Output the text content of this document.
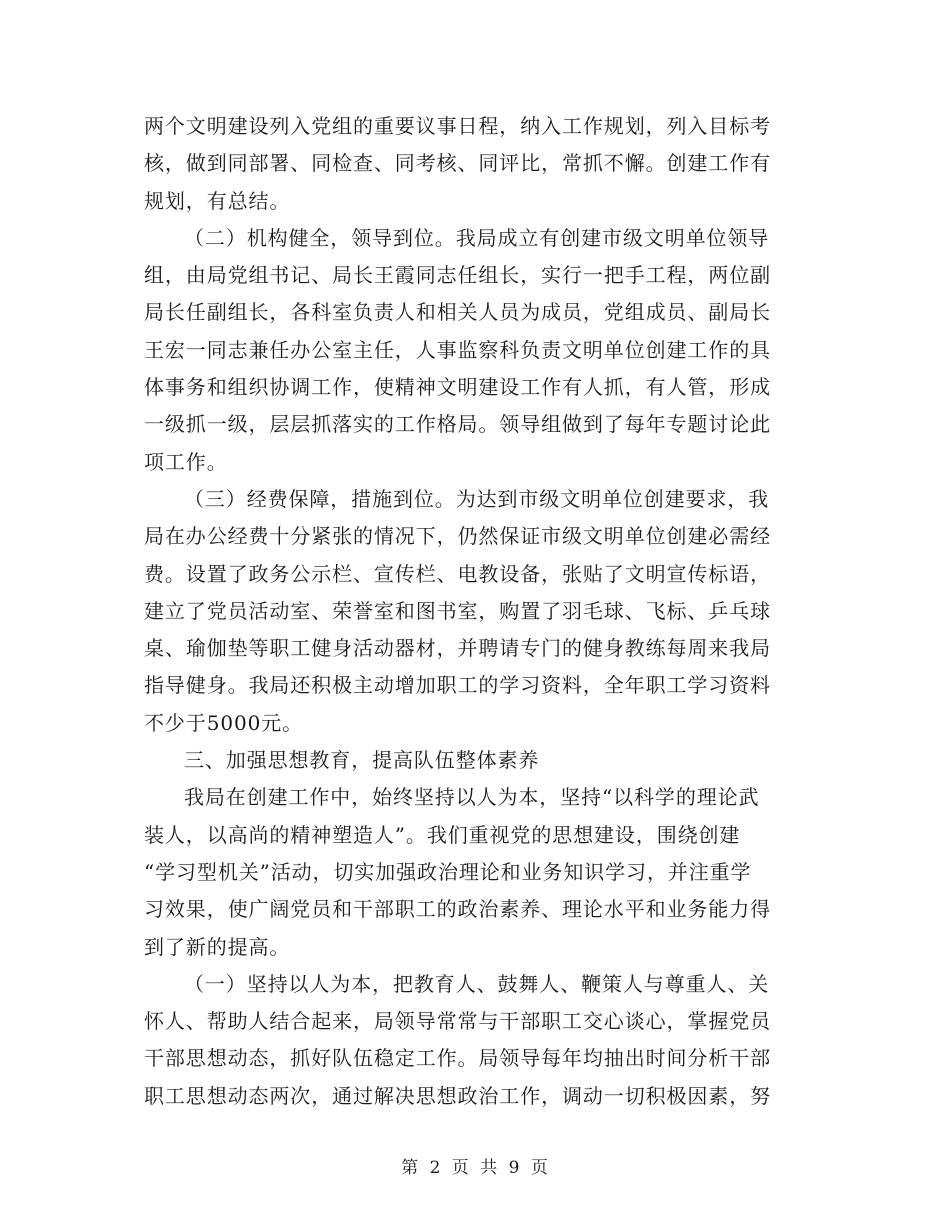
两个文明建设列入党组的重要议事日程，纳入工作规划，列入目标考
核，做到同部署、同检查、同考核、同评比，常抓不懈。创建工作有
规划，有总结。
（二）机构健全，领导到位。我局成立有创建市级文明单位领导
组，由局党组书记、局长王霞同志任组长，实行一把手工程，两位副
局长任副组长，各科室负责人和相关人员为成员，党组成员、副局长
王宏一同志兼任办公室主任，人事监察科负责文明单位创建工作的具
体事务和组织协调工作，使精神文明建设工作有人抓，有人管，形成
一级抓一级，层层抓落实的工作格局。领导组做到了每年专题讨论此
项工作。
（三）经费保障，措施到位。为达到市级文明单位创建要求，我
局在办公经费十分紧张的情况下，仍然保证市级文明单位创建必需经
费。设置了政务公示栏、宣传栏、电教设备，张贴了文明宣传标语，
建立了党员活动室、荣誉室和图书室，购置了羽毛球、飞标、乒乓球
桌、瑜伽垫等职工健身活动器材，并聘请专门的健身教练每周来我局
指导健身。我局还积极主动增加职工的学习资料，全年职工学习资料
不少于5000元。
三、加强思想教育，提高队伍整体素养
我局在创建工作中，始终坚持以人为本，坚持“以科学的理论武
装人，以高尚的精神塑造人”。我们重视党的思想建设，围绕创建
“学习型机关”活动，切实加强政治理论和业务知识学习，并注重学
习效果，使广阔党员和干部职工的政治素养、理论水平和业务能力得
到了新的提高。
（一）坚持以人为本，把教育人、鼓舞人、鞭策人与尊重人、关
怀人、帮助人结合起来，局领导常常与干部职工交心谈心，掌握党员
干部思想动态，抓好队伍稳定工作。局领导每年均抽出时间分析干部
职工思想动态两次，通过解决思想政治工作，调动一切积极因素，努
第 2 页 共 9 页
